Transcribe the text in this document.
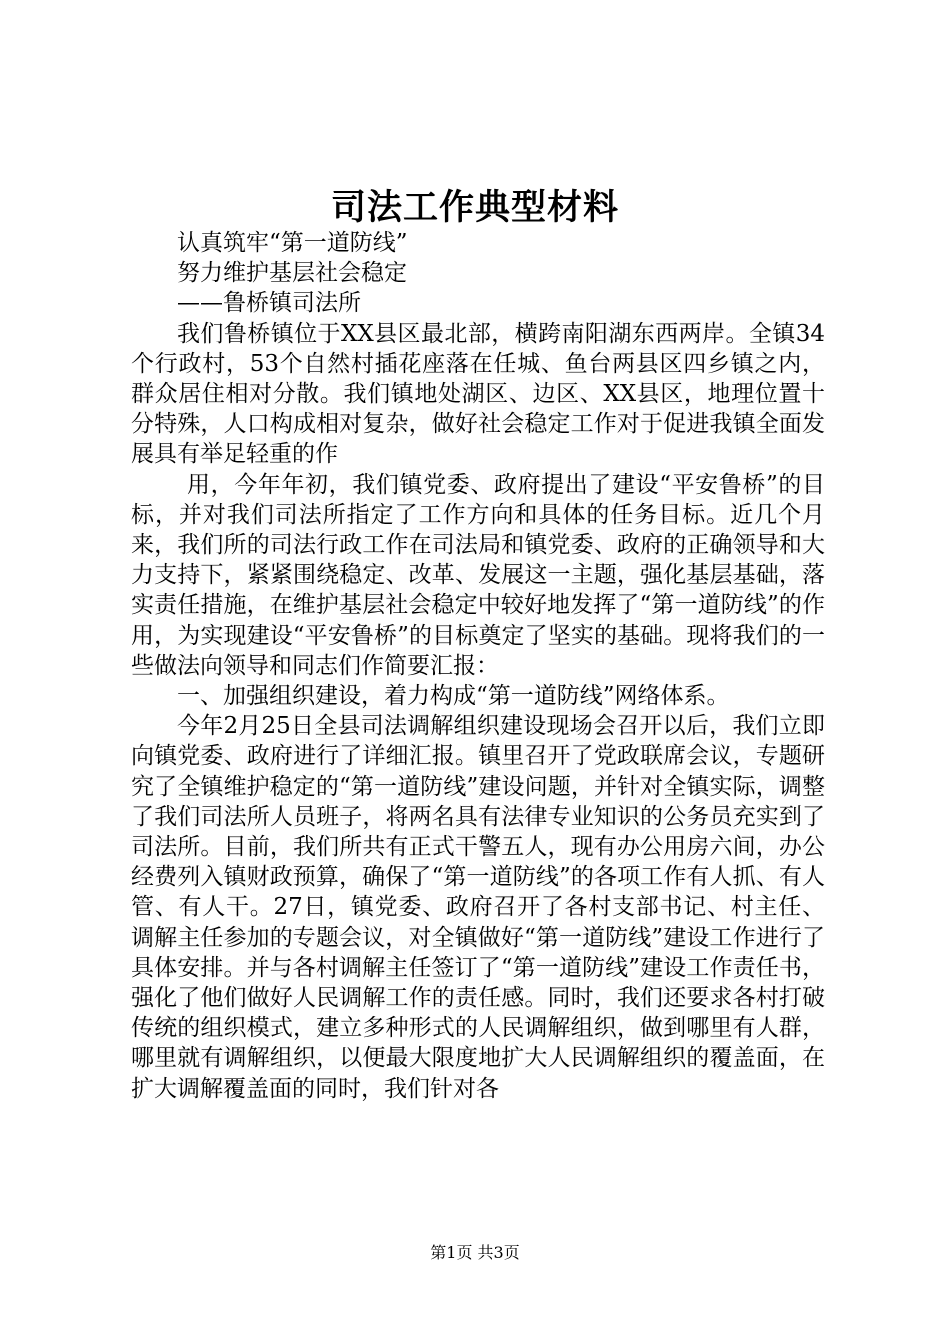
司法工作典型材料

认真筑牢“第一道防线”

努力维护基层社会稳定

——鲁桥镇司法所

我们鲁桥镇位于XX县区最北部，横跨南阳湖东西两岸。全镇34个行政村，53个自然村插花座落在任城、鱼台两县区四乡镇之内，群众居住相对分散。我们镇地处湖区、边区、XX县区，地理位置十分特殊，人口构成相对复杂，做好社会稳定工作对于促进我镇全面发展具有举足轻重的作

用，今年年初，我们镇党委、政府提出了建设“平安鲁桥”的目标，并对我们司法所指定了工作方向和具体的任务目标。近几个月来，我们所的司法行政工作在司法局和镇党委、政府的正确领导和大力支持下，紧紧围绕稳定、改革、发展这一主题，强化基层基础，落实责任措施，在维护基层社会稳定中较好地发挥了“第一道防线”的作用，为实现建设“平安鲁桥”的目标奠定了坚实的基础。现将我们的一些做法向领导和同志们作简要汇报：

一、加强组织建设，着力构成“第一道防线”网络体系。

今年2月25日全县司法调解组织建设现场会召开以后，我们立即向镇党委、政府进行了详细汇报。镇里召开了党政联席会议，专题研究了全镇维护稳定的“第一道防线”建设问题，并针对全镇实际，调整了我们司法所人员班子，将两名具有法律专业知识的公务员充实到了司法所。目前，我们所共有正式干警五人，现有办公用房六间，办公经费列入镇财政预算，确保了“第一道防线”的各项工作有人抓、有人管、有人干。27日，镇党委、政府召开了各村支部书记、村主任、调解主任参加的专题会议，对全镇做好“第一道防线”建设工作进行了具体安排。并与各村调解主任签订了“第一道防线”建设工作责任书，强化了他们做好人民调解工作的责任感。同时，我们还要求各村打破传统的组织模式，建立多种形式的人民调解组织，做到哪里有人群，哪里就有调解组织，以便最大限度地扩大人民调解组织的覆盖面，在扩大调解覆盖面的同时，我们针对各

第1页 共3页
